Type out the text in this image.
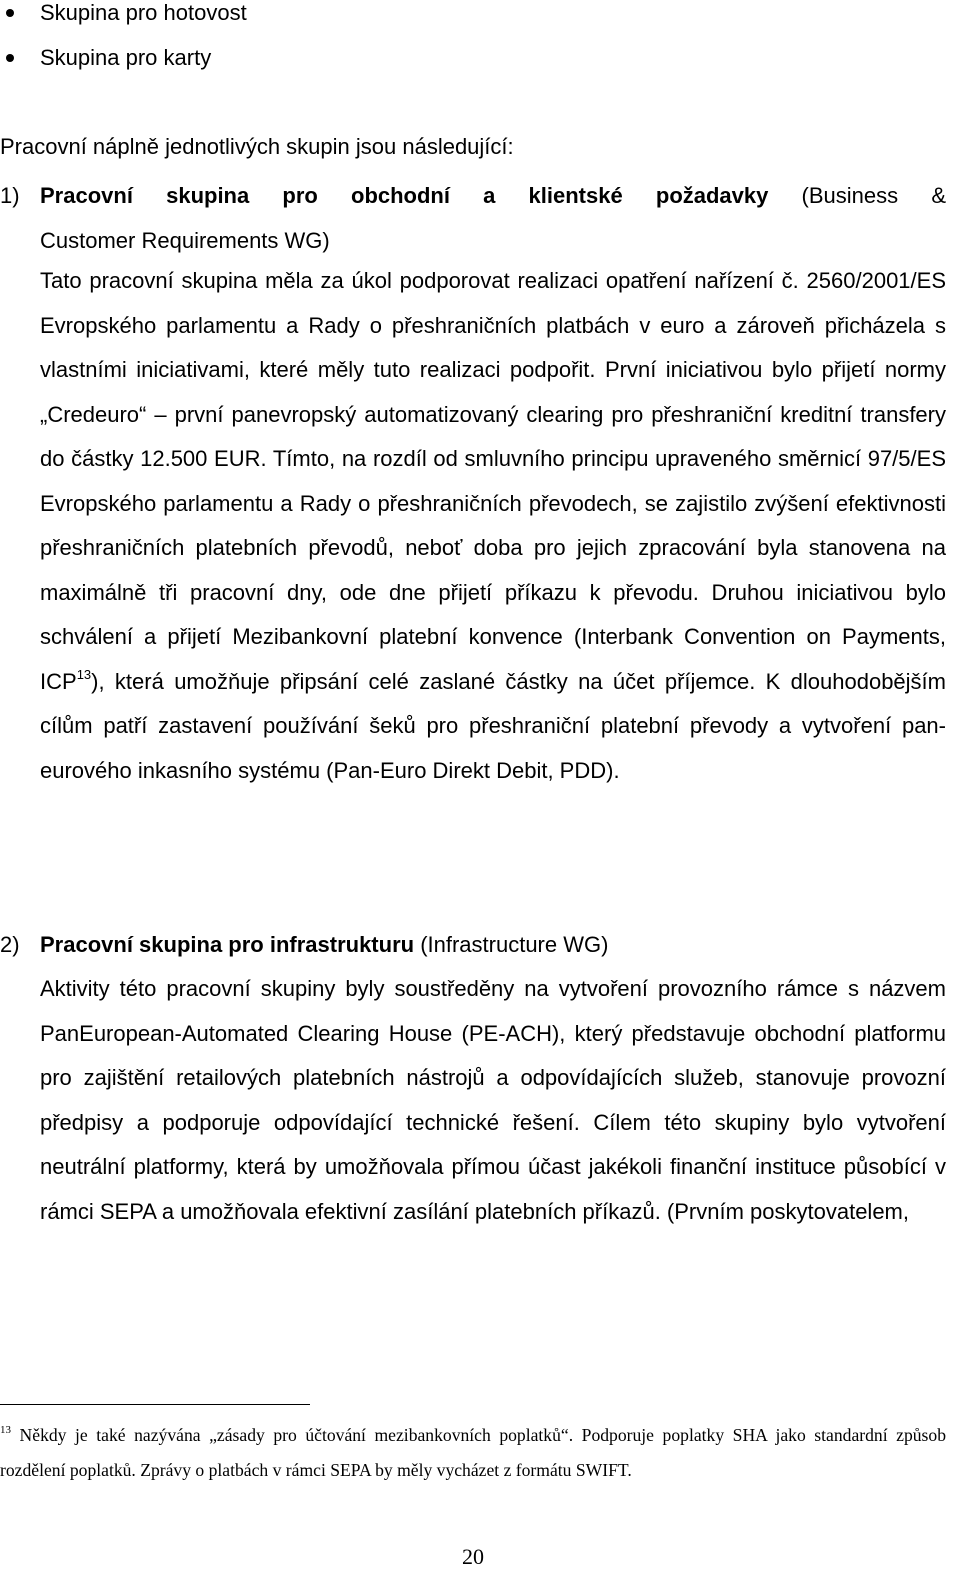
Skupina pro hotovost
Skupina pro karty

Pracovní náplně jednotlivých skupin jsou následující:

1) Pracovní skupina pro obchodní a klientské požadavky (Business &
Customer Requirements WG)

Tato pracovní skupina měla za úkol podporovat realizaci opatření nařízení č. 2560/2001/ES Evropského parlamentu a Rady o přeshraničních platbách v euro a zároveň přicházela s vlastními iniciativami, které měly tuto realizaci podpořit. První iniciativou bylo přijetí normy „Credeuro“ – první panevropský automatizovaný clearing pro přeshraniční kreditní transfery do částky 12.500 EUR. Tímto, na rozdíl od smluvního principu upraveného směrnicí 97/5/ES Evropského parlamentu a Rady o přeshraničních převodech, se zajistilo zvýšení efektivnosti přeshraničních platebních převodů, neboť doba pro jejich zpracování byla stanovena na maximálně tři pracovní dny, ode dne přijetí příkazu k převodu. Druhou iniciativou bylo schválení a přijetí Mezibankovní platební konvence (Interbank Convention on Payments, ICP$^{13}$), která umožňuje připsání celé zaslané částky na účet příjemce. K dlouhodobějším cílům patří zastavení používání šeků pro přeshraniční platební převody a vytvoření pan-eurového inkasního systému (Pan-Euro Direkt Debit, PDD).

2) Pracovní skupina pro infrastrukturu (Infrastructure WG)

Aktivity této pracovní skupiny byly soustředěny na vytvoření provozního rámce s názvem PanEuropean-Automated Clearing House (PE-ACH), který představuje obchodní platformu pro zajištění retailových platebních nástrojů a odpovídajících služeb, stanovuje provozní předpisy a podporuje odpovídající technické řešení. Cílem této skupiny bylo vytvoření neutrální platformy, která by umožňovala přímou účast jakékoli finanční instituce působící v rámci SEPA a umožňovala efektivní zasílání platebních příkazů. (Prvním poskytovatelem,

$^{13}$ Někdy je také nazývána „zásady pro účtování mezibankovních poplatků“. Podporuje poplatky SHA jako standardní způsob rozdělení poplatků. Zprávy o platbách v rámci SEPA by měly vycházet z formátu SWIFT.

20
